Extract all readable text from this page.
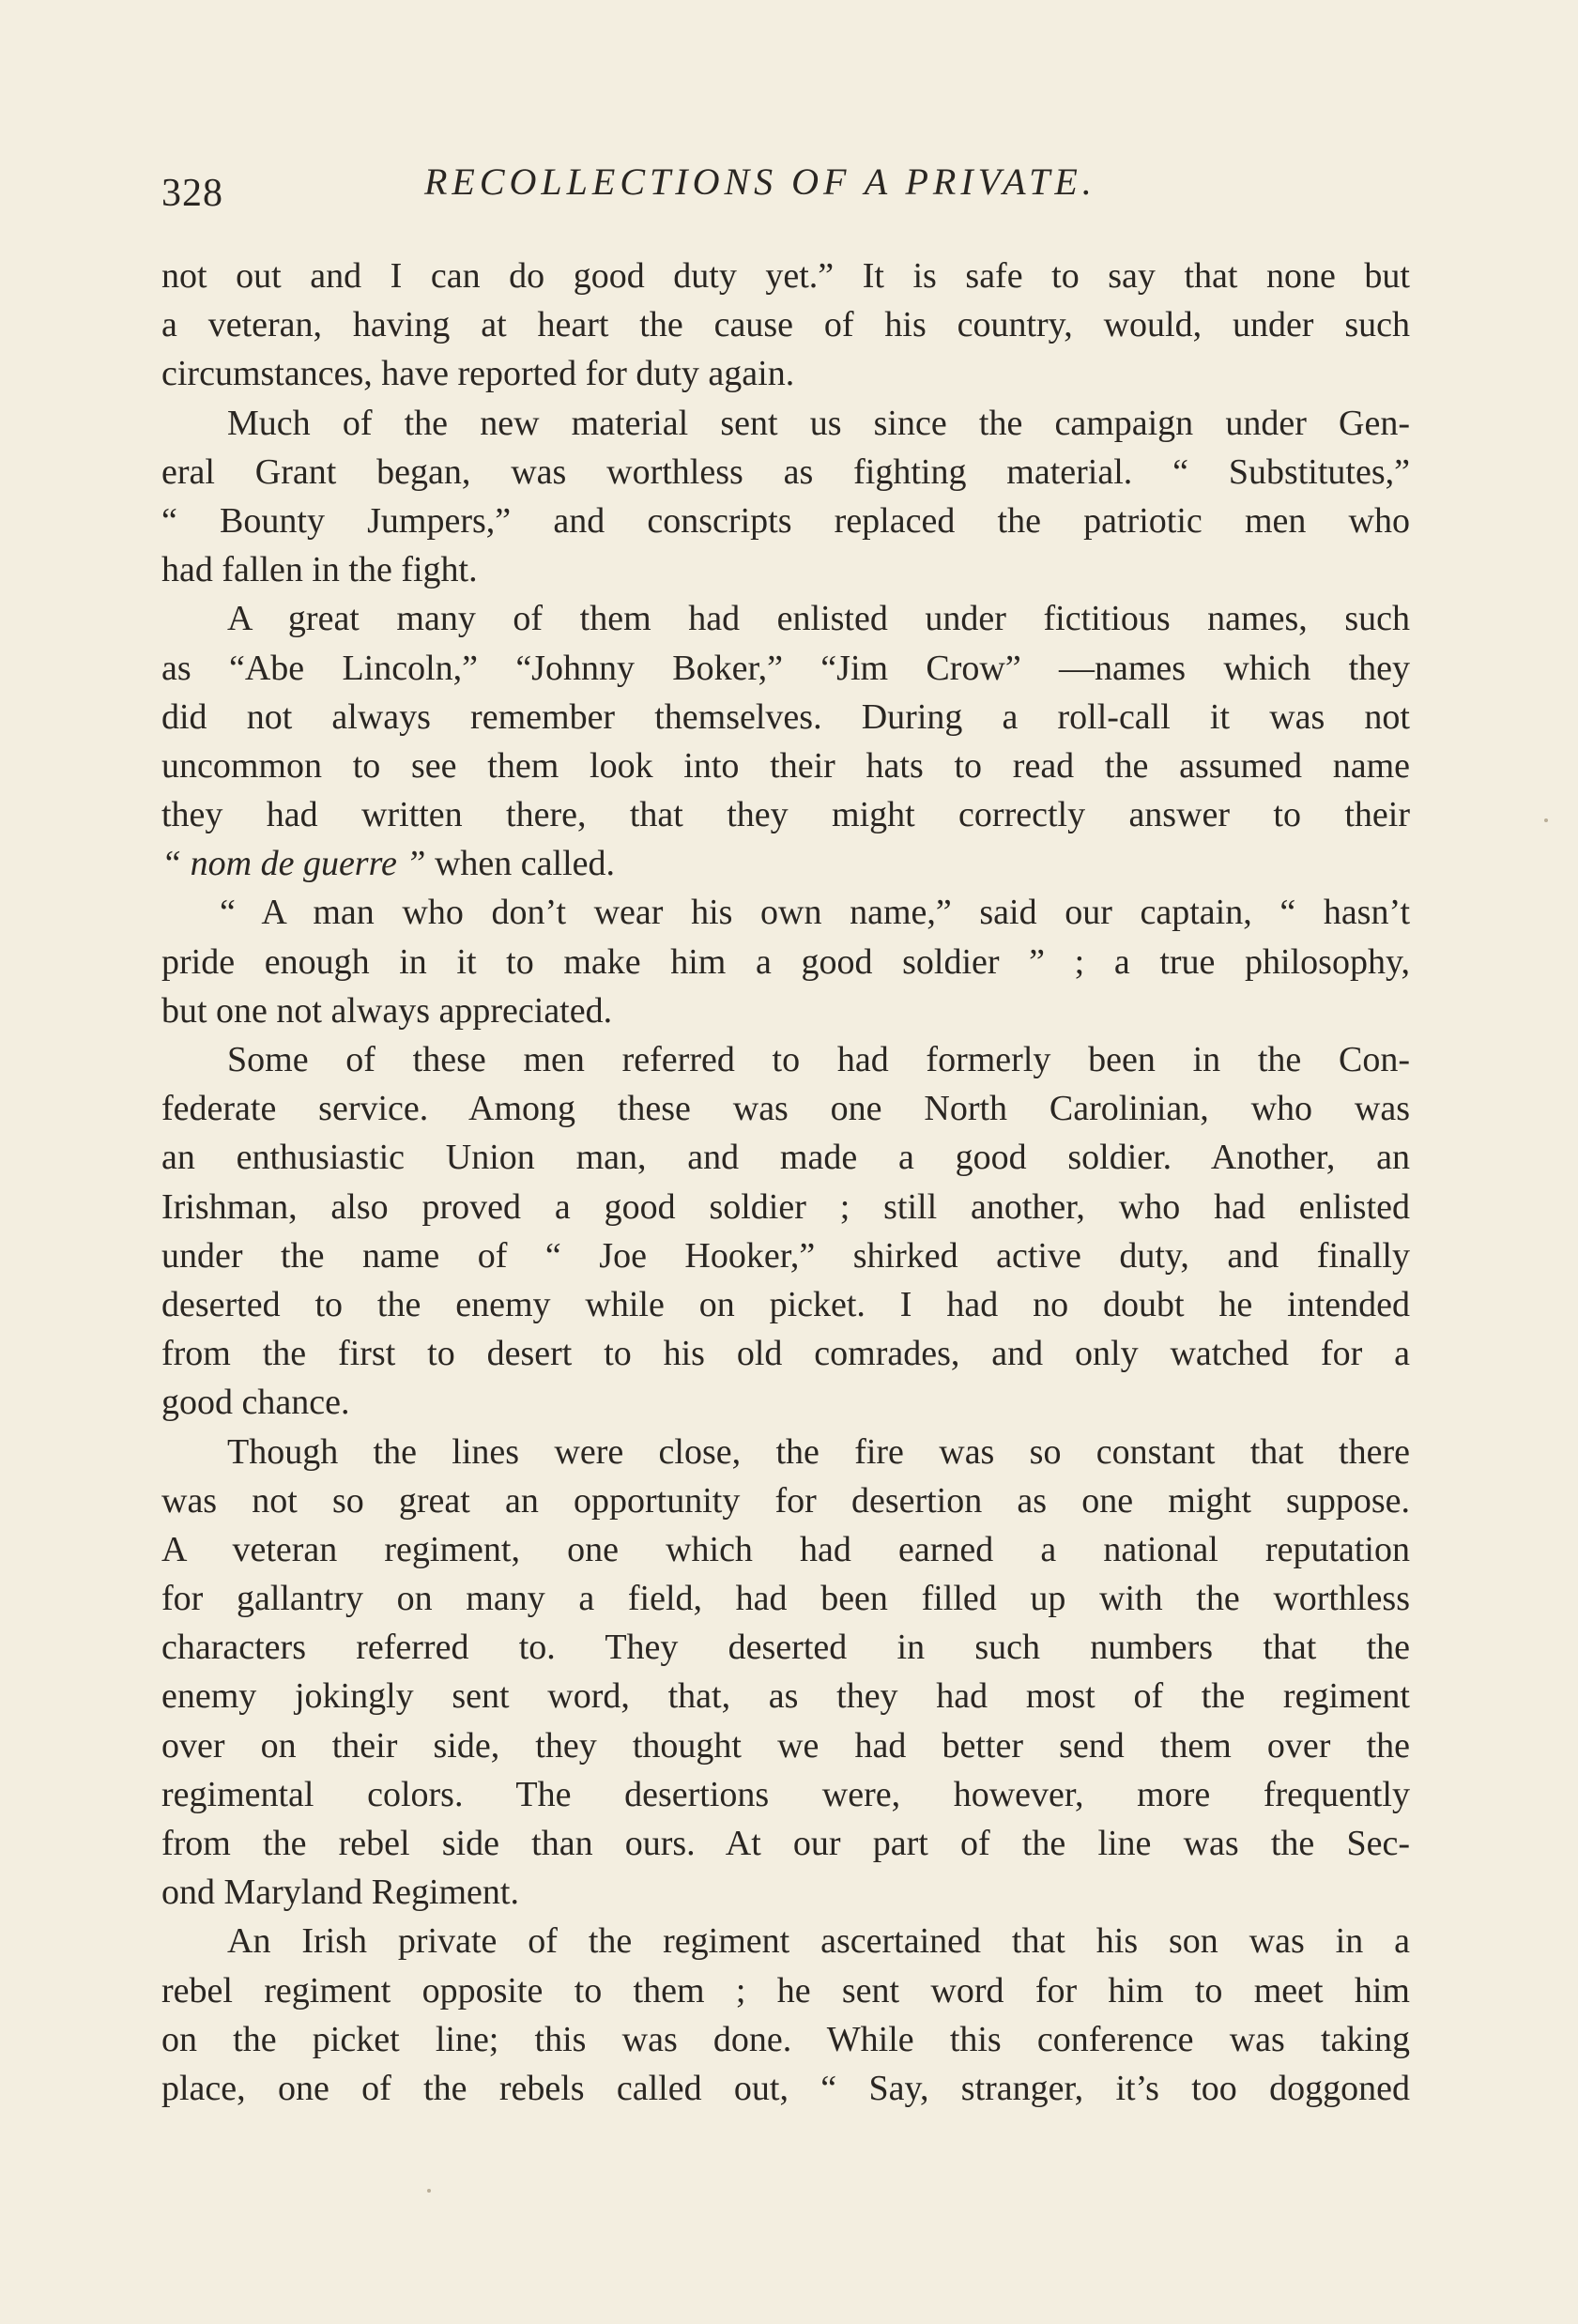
328	RECOLLECTIONS OF A PRIVATE.
not out and I can do good duty yet.” It is safe to say that none but
a veteran, having at heart the cause of his country, would, under such
circumstances, have reported for duty again.
Much of the new material sent us since the campaign under Gen-
eral Grant began, was worthless as fighting material. “ Substitutes,”
“ Bounty Jumpers,” and conscripts replaced the patriotic men who
had fallen in the fight.
A great many of them had enlisted under fictitious names, such
as “Abe Lincoln,” “Johnny Boker,” “Jim Crow” —names which they
did not always remember themselves. During a roll-call it was not
uncommon to see them look into their hats to read the assumed name
they had written there, that they might correctly answer to their
“ nom de guerre ” when called.
“ A man who don’t wear his own name,” said our captain, “ hasn’t
pride enough in it to make him a good soldier ” ; a true philosophy,
but one not always appreciated.
Some of these men referred to had formerly been in the Con-
federate service. Among these was one North Carolinian, who was
an enthusiastic Union man, and made a good soldier. Another, an
Irishman, also proved a good soldier ; still another, who had enlisted
under the name of “ Joe Hooker,” shirked active duty, and finally
deserted to the enemy while on picket. I had no doubt he intended
from the first to desert to his old comrades, and only watched for a
good chance.
Though the lines were close, the fire was so constant that there
was not so great an opportunity for desertion as one might suppose.
A veteran regiment, one which had earned a national reputation
for gallantry on many a field, had been filled up with the worthless
characters referred to. They deserted in such numbers that the
enemy jokingly sent word, that, as they had most of the regiment
over on their side, they thought we had better send them over the
regimental colors. The desertions were, however, more frequently
from the rebel side than ours. At our part of the line was the Sec-
ond Maryland Regiment.
An Irish private of the regiment ascertained that his son was in a
rebel regiment opposite to them ; he sent word for him to meet him
on the picket line; this was done. While this conference was taking
place, one of the rebels called out, “ Say, stranger, it’s too doggoned
